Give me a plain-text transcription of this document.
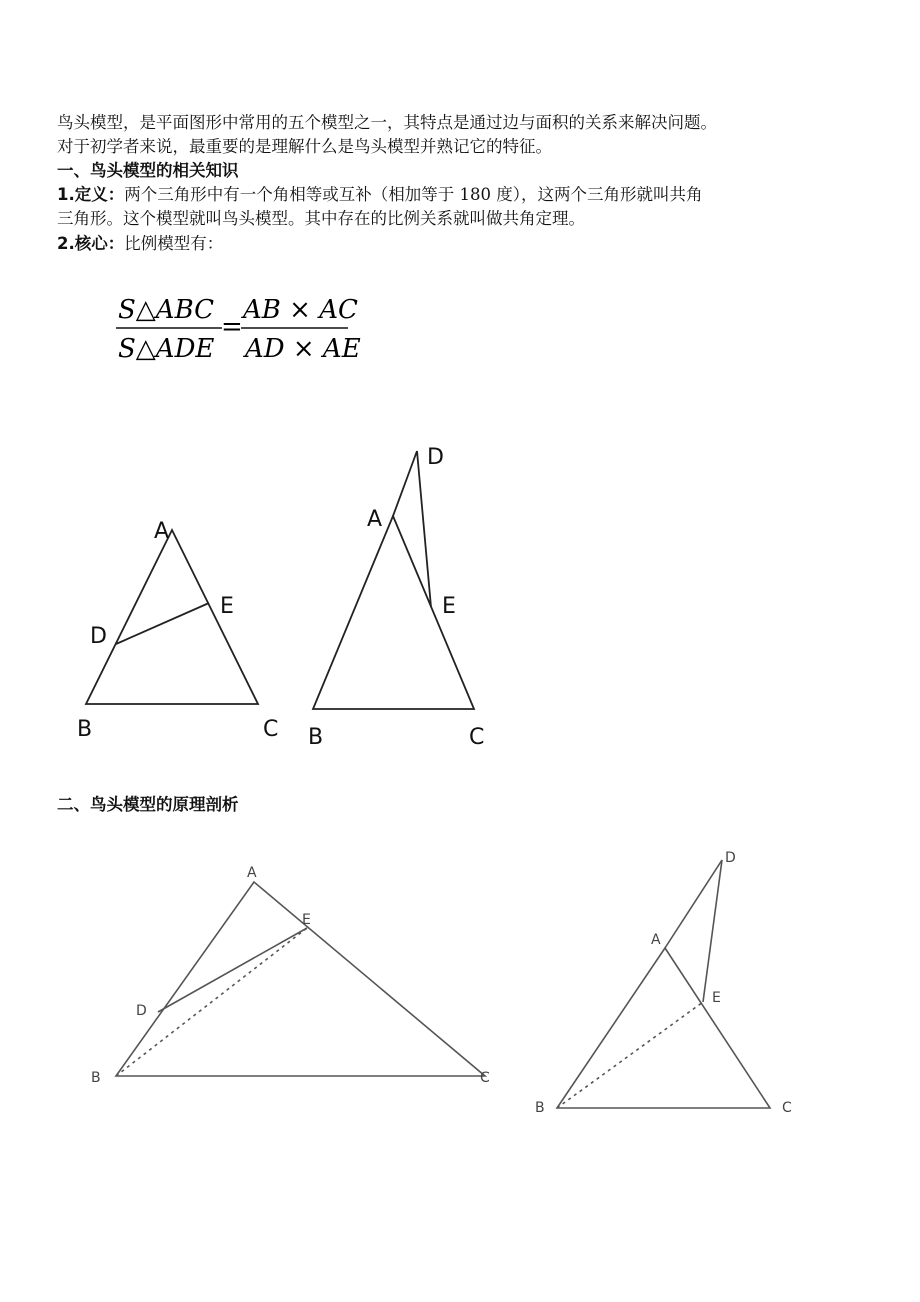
鸟头模型，是平面图形中常用的五个模型之一，其特点是通过边与面积的关系来解决问题。
对于初学者来说，最重要的是理解什么是鸟头模型并熟记它的特征。
一、鸟头模型的相关知识
1.定义：两个三角形中有一个角相等或互补（相加等于 180 度），这两个三角形就叫共角
三角形。这个模型就叫鸟头模型。其中存在的比例关系就叫做共角定理。
2.核心：比例模型有：
S△ABC
S△ADE
=
AB × AC
AD × AE
A
B	C
D
E
A
B	C
D
E
二、鸟头模型的原理剖析
A
B	C
D
E
A
B	C
D
E
